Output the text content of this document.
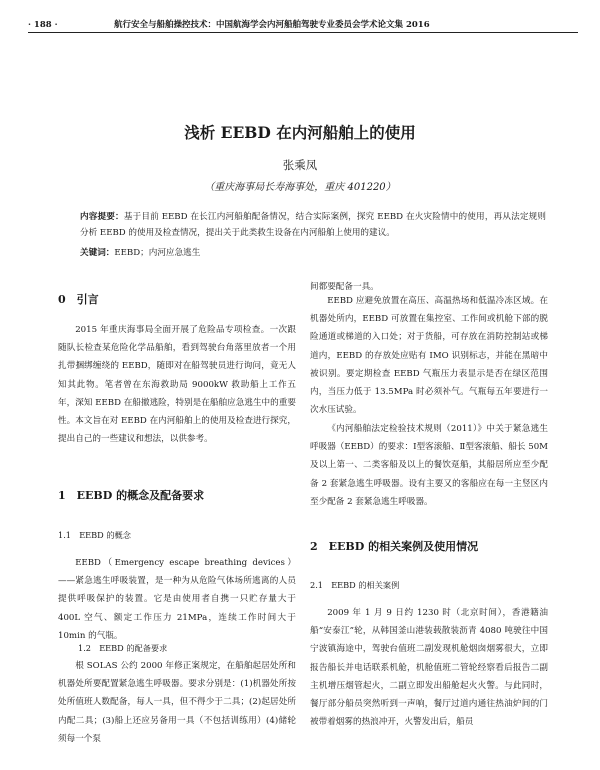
· 188 ·	航行安全与船舶操控技术：中国航海学会内河船舶驾驶专业委员会学术论文集 2016
浅析 EEBD 在内河船舶上的使用
张乘凤
（重庆海事局长寿海事处，重庆 401220）
内容提要：基于目前 EEBD 在长江内河船舶配备情况，结合实际案例，探究 EEBD 在火灾险情中的使用，再从法定规则分析 EEBD 的使用及检查情况，提出关于此类救生设备在内河船舶上使用的建议。
关键词：EEBD；内河应急逃生
0　引言

2015 年重庆海事局全面开展了危险品专项检查。一次跟随队长检查某危险化学品船舶，看到驾驶台角落里放者一个用扎带捆绑缠绕的 EEBD，随即对在船驾驶员进行询问，竟无人知其此物。笔者曾在东海救助局 9000kW 救助船上工作五年，深知 EEBD 在船撤逃险，特别是在船舶应急逃生中的重要性。本文旨在对 EEBD 在内河船舶上的使用及检查进行探究，提出自己的一些建议和想法，以供参考。

1　EEBD 的概念及配备要求
1.1　EEBD 的概念

EEBD（Emergency escape breathing devices）——紧急逃生呼吸装置，是一种为从危险气体场所逃离的人员提供呼吸保护的装置。它是由使用者自携一只贮存量大于 400L 空气、额定工作压力 21MPa，连续工作时间大于 10min 的气瓶。

1.2　EEBD 的配备要求

根 SOLAS 公约 2000 年修正案规定，在船舶起居处所和机器处所要配置紧急逃生呼吸器。要求分别是：(1)机器处所按处所值班人数配备，每人一具，但不得少于二具；(2)起居处所内配二具；(3)船上还应另备用一具（不包括训练用）(4)储轮须每一个泵

间都要配备一具。

EEBD 应避免放置在高压、高温热场和低温冷冻区域。在机器处所内，EEBD 可放置在集控室、工作间或机舱下部的脱险通道或梯道的入口处；对于货船，可存放在消防控制站或梯道内，EEBD 的存放处应贴有 IMO 识别标志，并能在黑暗中被识别。要定期检查 EEBD 气瓶压力表显示是否在绿区范围内，当压力低于 13.5MPa 时必须补气。气瓶每五年要进行一次水压试验。

《内河船舶法定检验技术规则（2011）》中关于紧急逃生呼吸器（EEBD）的要求：Ⅰ型客滚船、Ⅱ型客滚船、船长 50M 及以上第一、二类客船及以上的餐饮趸船，其船居所应至少配备 2 套紧急逃生呼吸器。设有主要又的客船应在每一主竖区内至少配备 2 套紧急逃生呼吸器。

2　EEBD 的相关案例及使用情况
2.1　EEBD 的相关案例

2009 年 1 月 9 日约 1230 时（北京时间），香港籍油船“安泰江”轮，从韩国釜山港装载散装沥青 4080 吨驶往中国宁波镇海途中，驾驶台值班二副发现机舱烟囱烟雾很大，立即报告船长并电话联系机舱，机舱值班二管轮经察看后报告二副主机增压烟管起火，二副立即发出船舱起火火警。与此同时，餐厅部分船员突然听到一声响，餐厅过道内通往热油炉间的门被带着烟雾的热浪冲开，火警发出后，船员
